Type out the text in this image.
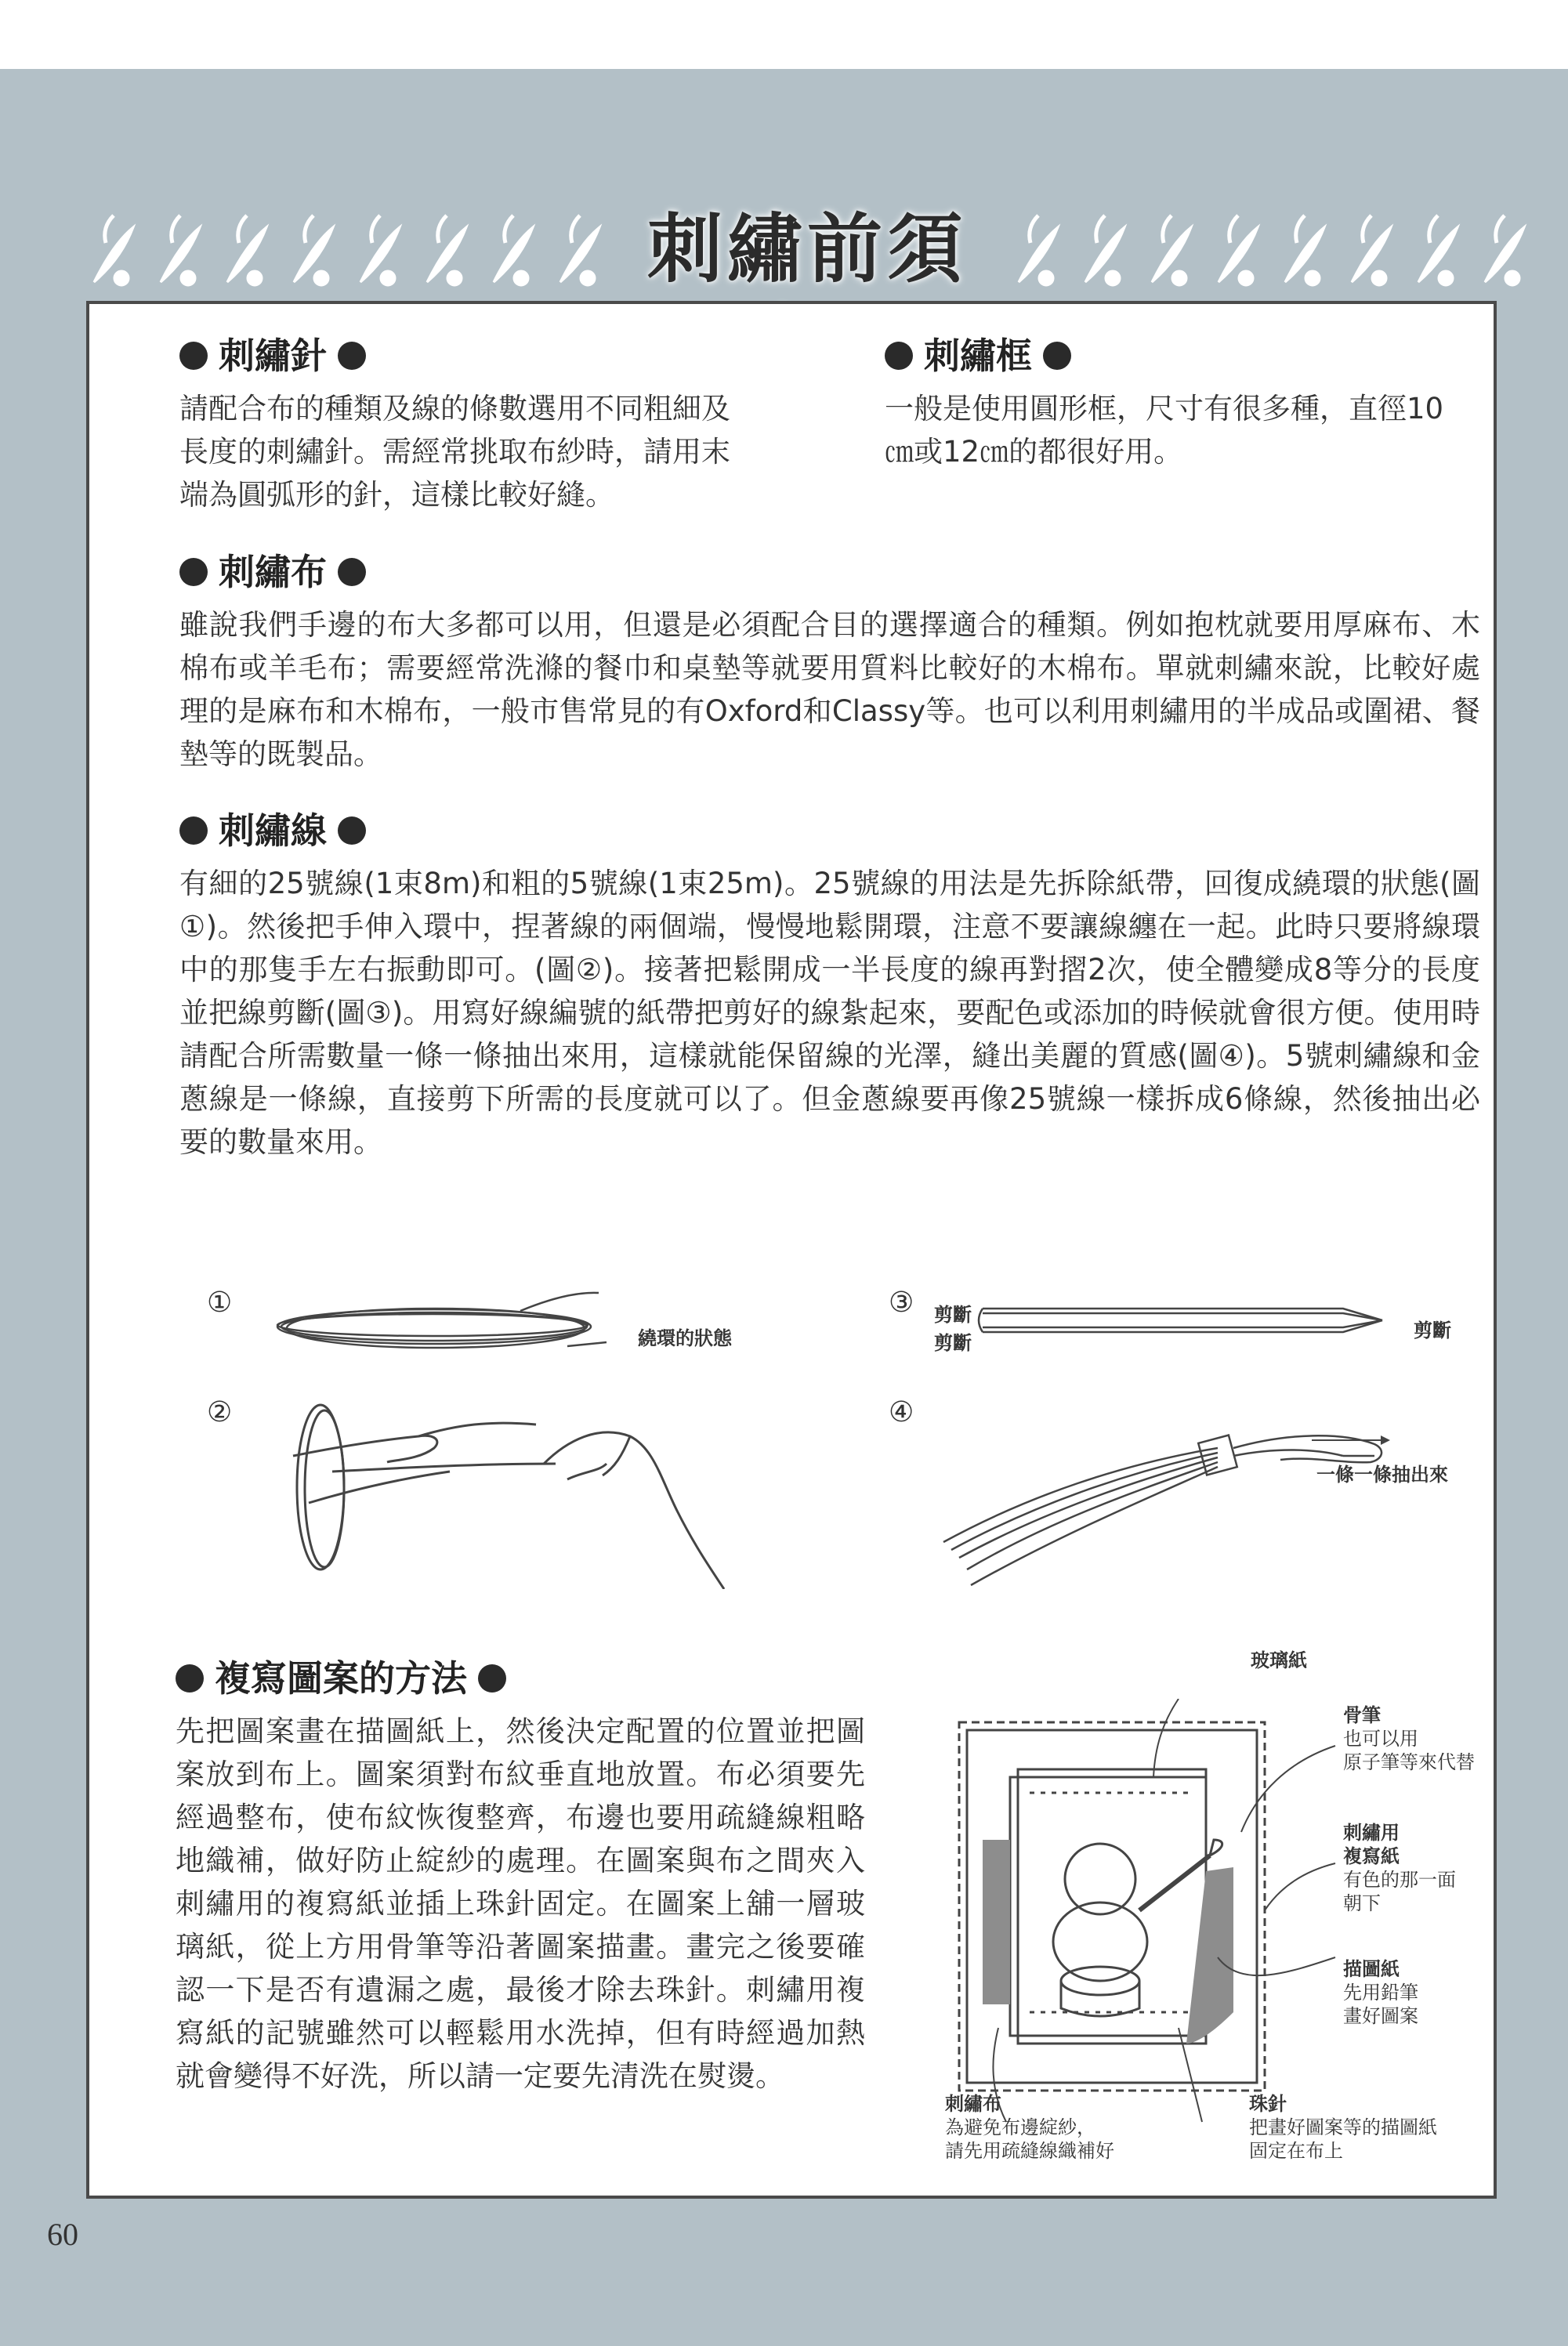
刺繡前須
刺繡針
請配合布的種類及線的條數選用不同粗細及
長度的刺繡針。需經常挑取布紗時，請用末
端為圓弧形的針，這樣比較好縫。
刺繡框
一般是使用圓形框，尺寸有很多種，直徑10
㎝或12㎝的都很好用。
刺繡布
雖說我們手邊的布大多都可以用，但還是必須配合目的選擇適合的種類。例如抱枕就要用厚麻布、木棉布或羊毛布；需要經常洗滌的餐巾和桌墊等就要用質料比較好的木棉布。單就刺繡來說，比較好處理的是麻布和木棉布，一般市售常見的有Oxford和Classy等。也可以利用刺繡用的半成品或圍裙、餐墊等的既製品。
刺繡線
有細的25號線(1束8m)和粗的5號線(1束25m)。25號線的用法是先拆除紙帶，回復成繞環的狀態(圖①)。然後把手伸入環中，捏著線的兩個端，慢慢地鬆開環，注意不要讓線纏在一起。此時只要將線環中的那隻手左右振動即可。(圖②)。接著把鬆開成一半長度的線再對摺2次，使全體變成8等分的長度並把線剪斷(圖③)。用寫好線編號的紙帶把剪好的線紮起來，要配色或添加的時候就會很方便。使用時請配合所需數量一條一條抽出來用，這樣就能保留線的光澤，縫出美麗的質感(圖④)。5號刺繡線和金蔥線是一條線，直接剪下所需的長度就可以了。但金蔥線要再像25號線一樣拆成6條線，然後抽出必要的數量來用。
①
繞環的狀態
②
③ 剪斷
剪斷
剪斷
④
一條一條抽出來
複寫圖案的方法
先把圖案畫在描圖紙上，然後決定配置的位置並把圖案放到布上。圖案須對布紋垂直地放置。布必須要先經過整布，使布紋恢復整齊，布邊也要用疏縫線粗略地織補，做好防止綻紗的處理。在圖案與布之間夾入刺繡用的複寫紙並插上珠針固定。在圖案上舖一層玻璃紙，從上方用骨筆等沿著圖案描畫。畫完之後要確認一下是否有遺漏之處，最後才除去珠針。刺繡用複寫紙的記號雖然可以輕鬆用水洗掉，但有時經過加熱就會變得不好洗，所以請一定要先清洗在熨燙。
玻璃紙
骨筆
也可以用
原子筆等來代替
刺繡用
複寫紙
有色的那一面
朝下
描圖紙
先用鉛筆
畫好圖案
刺繡布
為避免布邊綻紗，
請先用疏縫線織補好
珠針
把畫好圖案等的描圖紙
固定在布上
60
